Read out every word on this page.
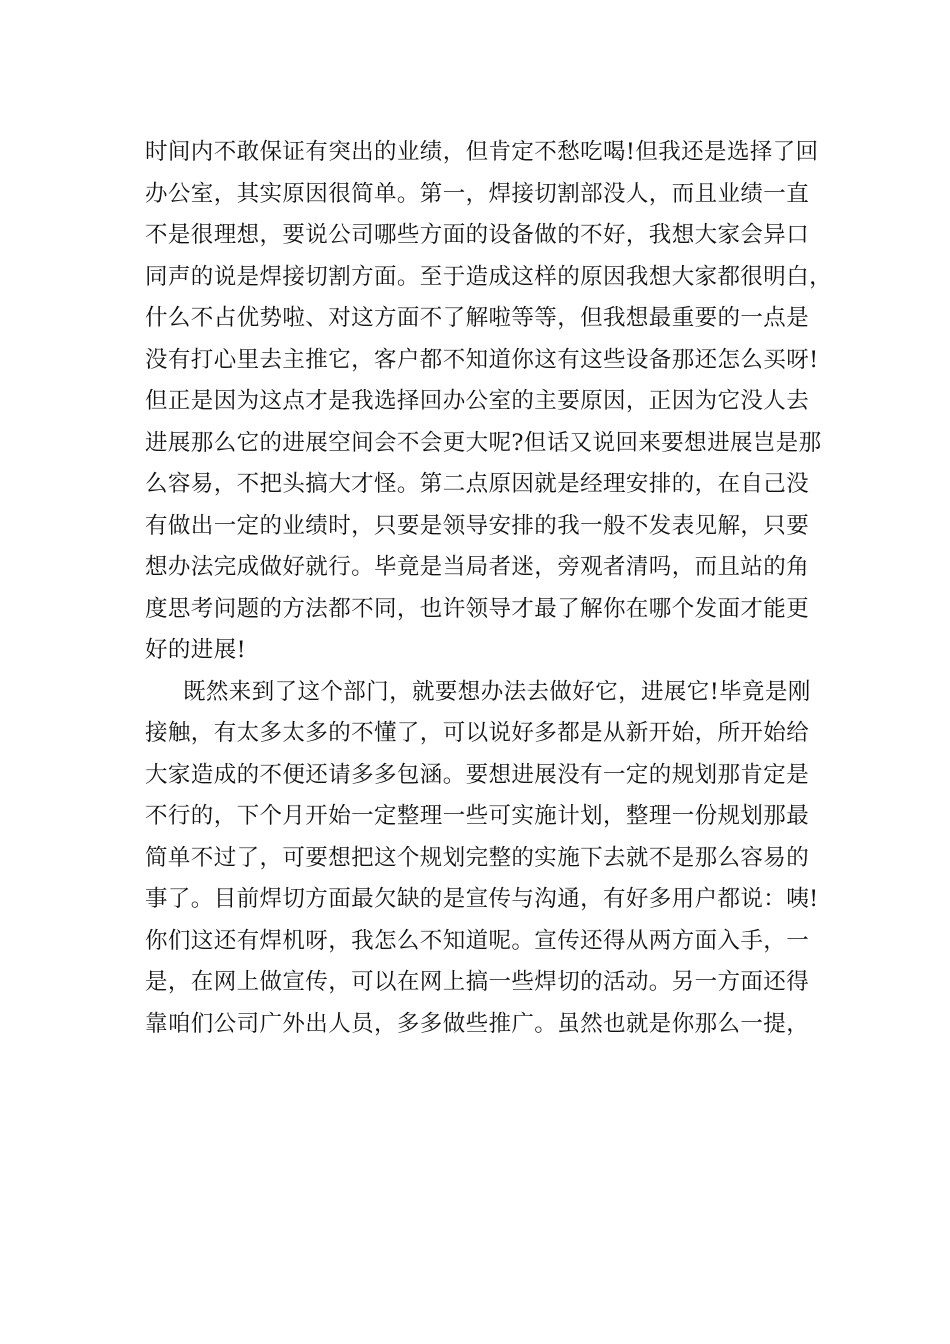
时间内不敢保证有突出的业绩，但肯定不愁吃喝!但我还是选择了回
办公室，其实原因很简单。第一，焊接切割部没人，而且业绩一直
不是很理想，要说公司哪些方面的设备做的不好，我想大家会异口
同声的说是焊接切割方面。至于造成这样的原因我想大家都很明白，
什么不占优势啦、对这方面不了解啦等等，但我想最重要的一点是
没有打心里去主推它，客户都不知道你这有这些设备那还怎么买呀!
但正是因为这点才是我选择回办公室的主要原因，正因为它没人去
进展那么它的进展空间会不会更大呢?但话又说回来要想进展岂是那
么容易，不把头搞大才怪。第二点原因就是经理安排的，在自己没
有做出一定的业绩时，只要是领导安排的我一般不发表见解，只要
想办法完成做好就行。毕竟是当局者迷，旁观者清吗，而且站的角
度思考问题的方法都不同，也许领导才最了解你在哪个发面才能更
好的进展!
既然来到了这个部门，就要想办法去做好它，进展它!毕竟是刚
接触，有太多太多的不懂了，可以说好多都是从新开始，所开始给
大家造成的不便还请多多包涵。要想进展没有一定的规划那肯定是
不行的，下个月开始一定整理一些可实施计划，整理一份规划那最
简单不过了，可要想把这个规划完整的实施下去就不是那么容易的
事了。目前焊切方面最欠缺的是宣传与沟通，有好多用户都说：咦!
你们这还有焊机呀，我怎么不知道呢。宣传还得从两方面入手，一
是，在网上做宣传，可以在网上搞一些焊切的活动。另一方面还得
靠咱们公司广外出人员，多多做些推广。虽然也就是你那么一提，
